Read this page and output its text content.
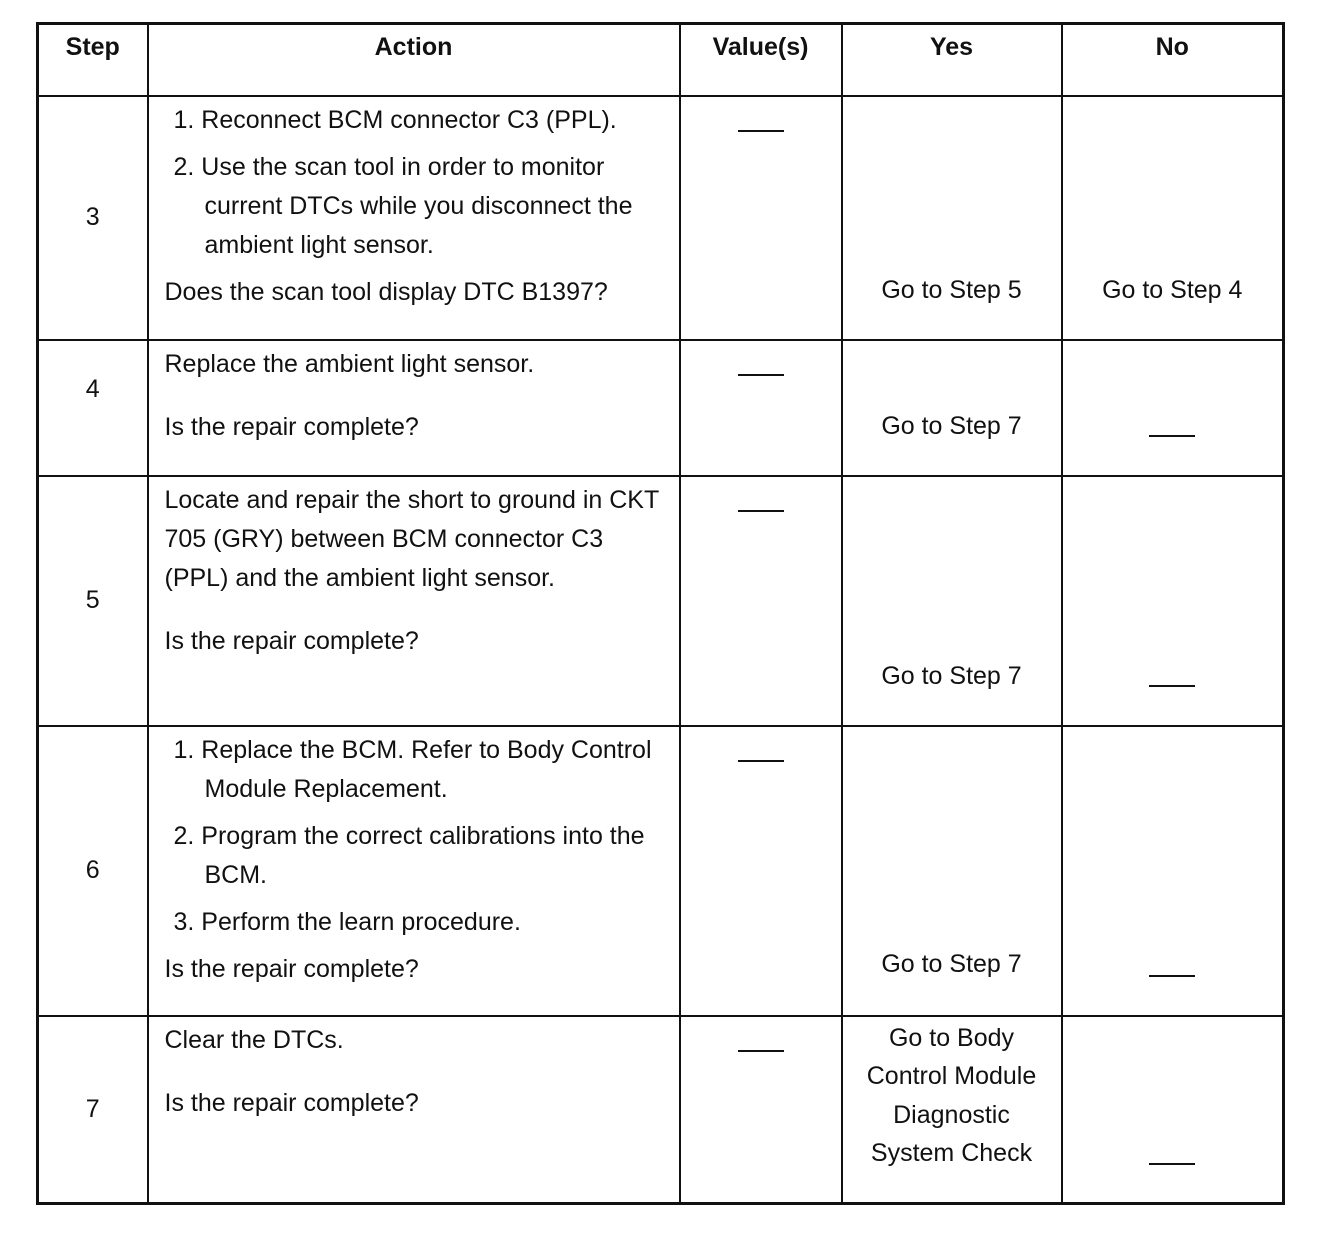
Step	Action	Value(s)	Yes	No

3	1. Reconnect BCM connector C3 (PPL).
2. Use the scan tool in order to monitor current DTCs while you disconnect the ambient light sensor.
Does the scan tool display DTC B1397?		Go to Step 5	Go to Step 4

4	Replace the ambient light sensor.
Is the repair complete?		Go to Step 7	

5	Locate and repair the short to ground in CKT 705 (GRY) between BCM connector C3 (PPL) and the ambient light sensor.
Is the repair complete?		Go to Step 7	

6	1. Replace the BCM. Refer to Body Control Module Replacement.
2. Program the correct calibrations into the BCM.
3. Perform the learn procedure.
Is the repair complete?		Go to Step 7	

7	Clear the DTCs.
Is the repair complete?		Go to Body Control Module Diagnostic System Check	
